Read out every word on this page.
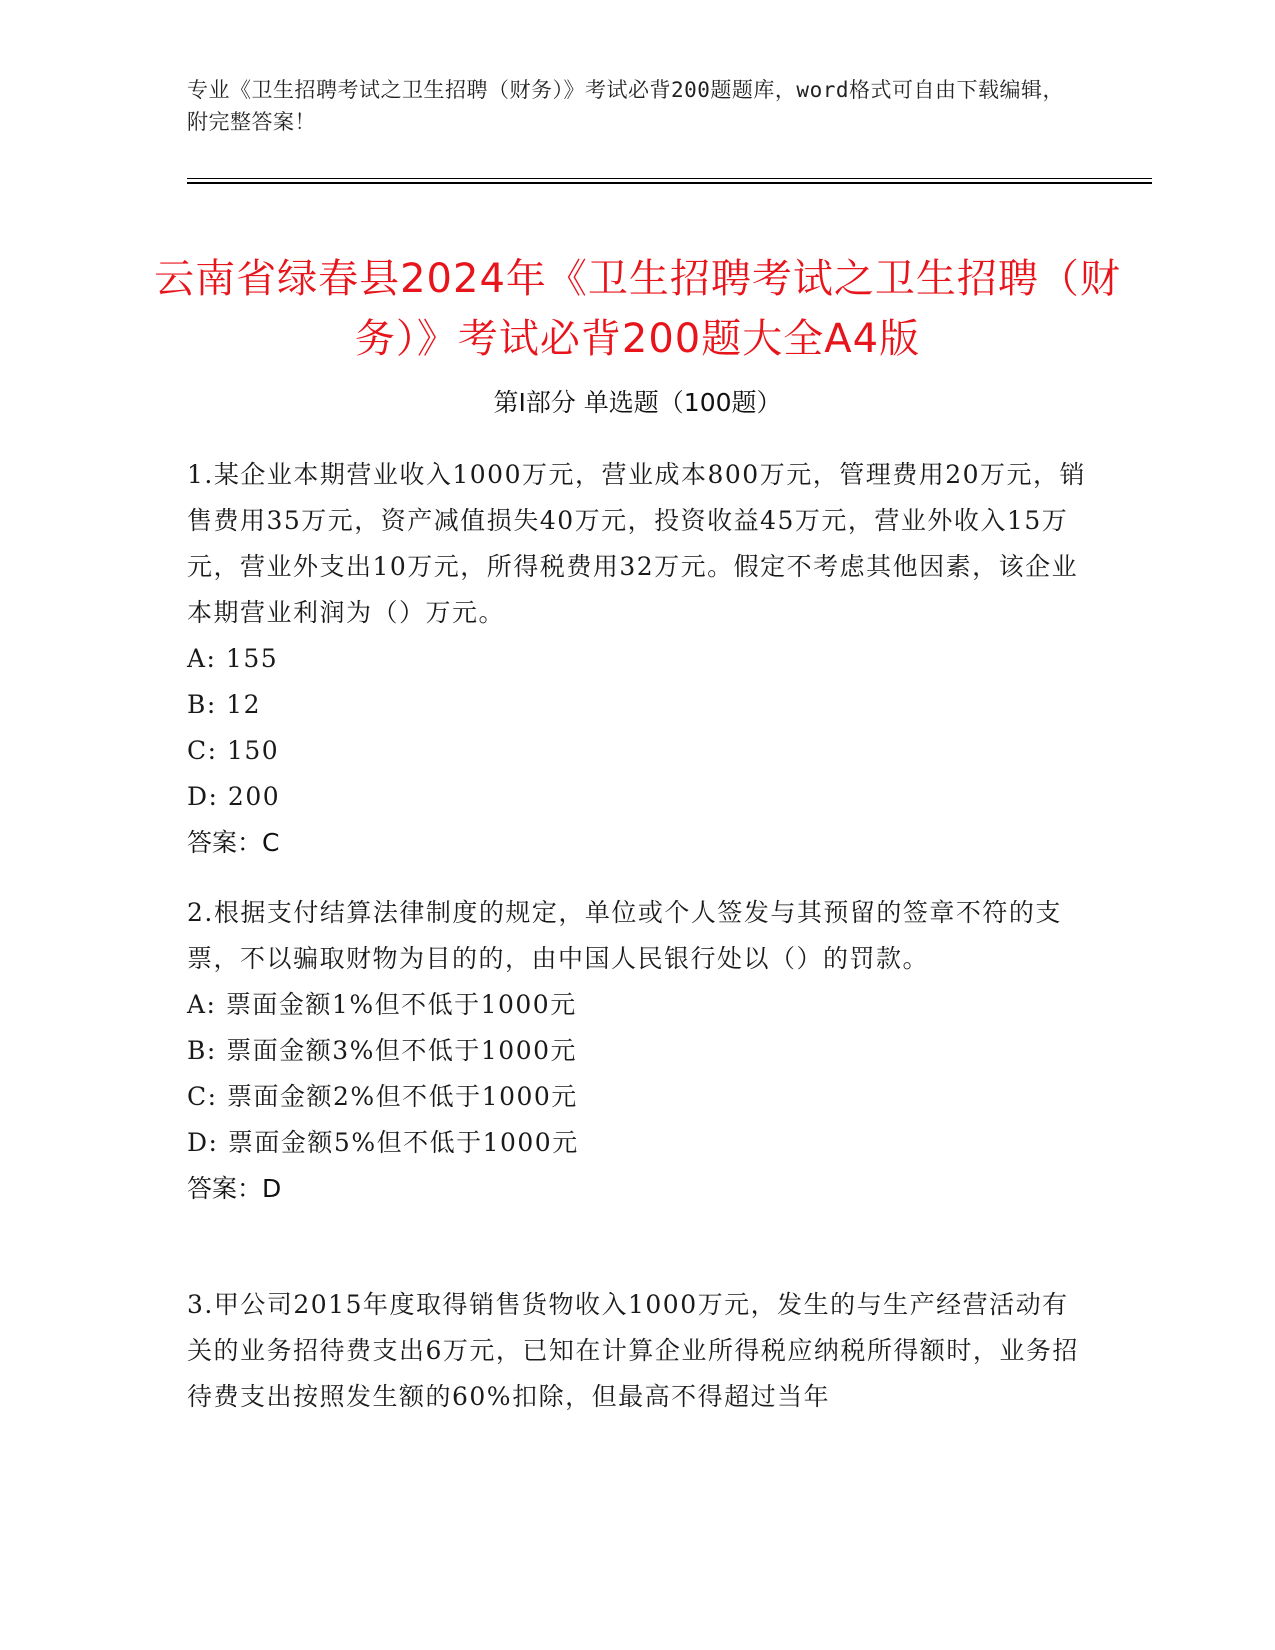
专业《卫生招聘考试之卫生招聘（财务）》考试必背200题题库，word格式可自由下载编辑，附完整答案！
云南省绿春县2024年《卫生招聘考试之卫生招聘（财务）》考试必背200题大全A4版
第Ⅰ部分 单选题（100题）

1.某企业本期营业收入1000万元，营业成本800万元，管理费用20万元，销售费用35万元，资产减值损失40万元，投资收益45万元，营业外收入15万元，营业外支出10万元，所得税费用32万元。假定不考虑其他因素，该企业本期营业利润为（）万元。

A: 155

B: 12

C: 150

D: 200

答案：C

2.根据支付结算法律制度的规定，单位或个人签发与其预留的签章不符的支票，不以骗取财物为目的的，由中国人民银行处以（）的罚款。

A: 票面金额1%但不低于1000元

B: 票面金额3%但不低于1000元

C: 票面金额2%但不低于1000元

D: 票面金额5%但不低于1000元

答案：D

3.甲公司2015年度取得销售货物收入1000万元，发生的与生产经营活动有关的业务招待费支出6万元，已知在计算企业所得税应纳税所得额时，业务招待费支出按照发生额的60%扣除，但最高不得超过当年
